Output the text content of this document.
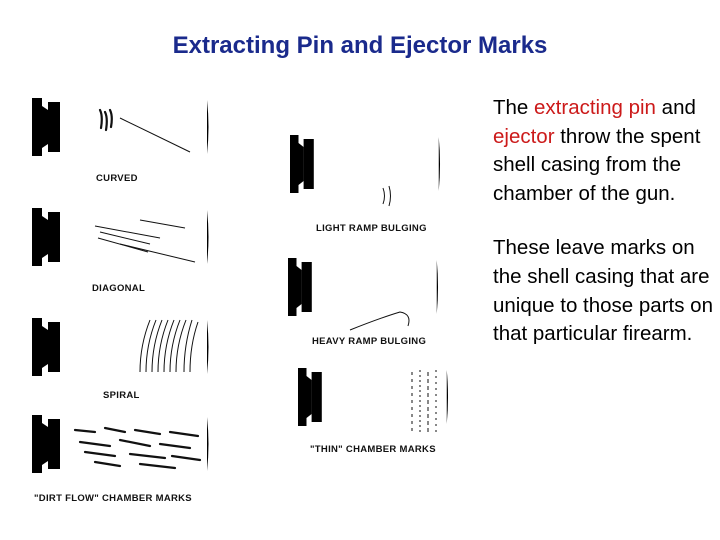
Extracting Pin and Ejector Marks
CURVED
DIAGONAL
SPIRAL
"DIRT FLOW" CHAMBER MARKS
LIGHT RAMP BULGING
HEAVY RAMP BULGING
"THIN" CHAMBER MARKS

The extracting pin and ejector throw the spent shell casing from the chamber of the gun.

These leave marks on the shell casing that are unique to those parts on that particular firearm.
